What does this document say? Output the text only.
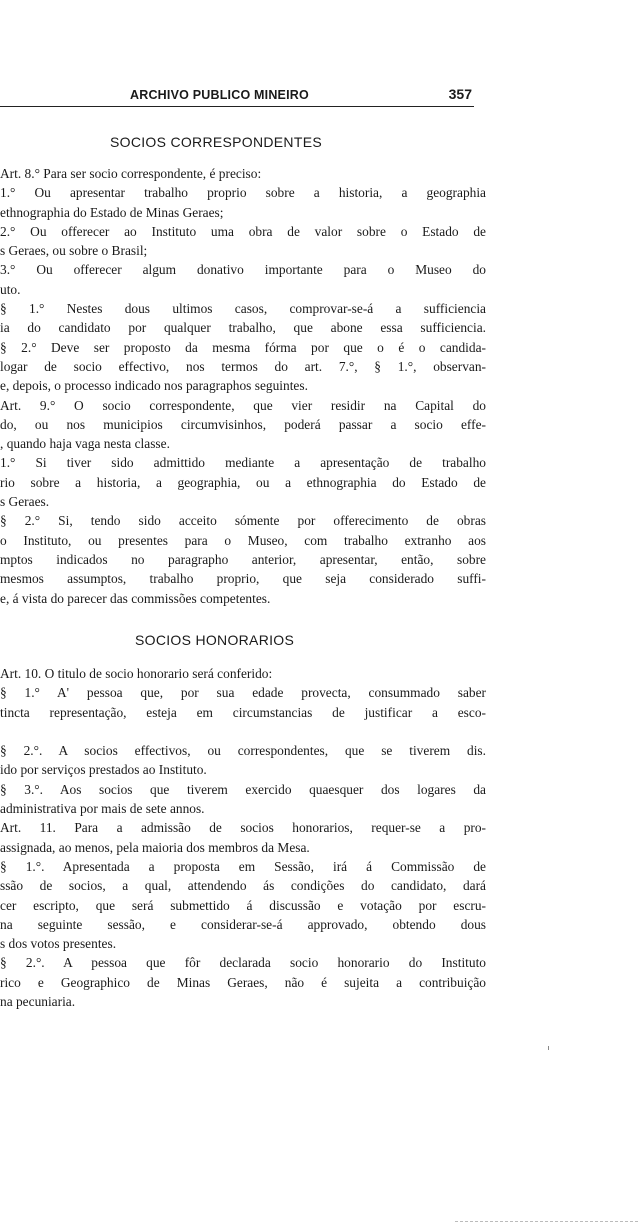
ARCHIVO PUBLICO MINEIRO	357
SOCIOS CORRESPONDENTES
Art. 8.° Para ser socio correspondente, é preciso:
1.° Ou apresentar trabalho proprio sobre a historia, a geographia
ethnographia do Estado de Minas Geraes;
2.° Ou offerecer ao Instituto uma obra de valor sobre o Estado de
s Geraes, ou sobre o Brasil;
3.° Ou offerecer algum donativo importante para o Museo do
uto.
§ 1.° Nestes dous ultimos casos, comprovar-se-á a sufficiencia
ia do candidato por qualquer trabalho, que abone essa sufficiencia.
§ 2.° Deve ser proposto da mesma fórma por que o é o candida-
logar de socio effectivo, nos termos do art. 7.°, § 1.°, observan-
e, depois, o processo indicado nos paragraphos seguintes.
Art. 9.° O socio correspondente, que vier residir na Capital do
do, ou nos municipios circumvisinhos, poderá passar a socio effe-
, quando haja vaga nesta classe.
1.° Si tiver sido admittido mediante a apresentação de trabalho
rio sobre a historia, a geographia, ou a ethnographia do Estado de
s Geraes.
§ 2.° Si, tendo sido acceito sómente por offerecimento de obras
o Instituto, ou presentes para o Museo, com trabalho extranho aos
mptos indicados no paragrapho anterior, apresentar, então, sobre
mesmos assumptos, trabalho proprio, que seja considerado suffi-
e, á vista do parecer das commissões competentes.
SOCIOS HONORARIOS
Art. 10. O titulo de socio honorario será conferido:
§ 1.° A' pessoa que, por sua edade provecta, consummado saber
tincta representação, esteja em circumstancias de justificar a esco-
§ 2.°. A socios effectivos, ou correspondentes, que se tiverem dis.
ido por serviços prestados ao Instituto.
§ 3.°. Aos socios que tiverem exercido quaesquer dos logares da
administrativa por mais de sete annos.
Art. 11. Para a admissão de socios honorarios, requer-se a pro-
assignada, ao menos, pela maioria dos membros da Mesa.
§ 1.°. Apresentada a proposta em Sessão, irá á Commissão de
ssão de socios, a qual, attendendo ás condições do candidato, dará
cer escripto, que será submettido á discussão e votação por escru-
na seguinte sessão, e considerar-se-á approvado, obtendo dous
s dos votos presentes.
§ 2.°. A pessoa que fôr declarada socio honorario do Instituto
rico e Geographico de Minas Geraes, não é sujeita a contribuição
na pecuniaria.
